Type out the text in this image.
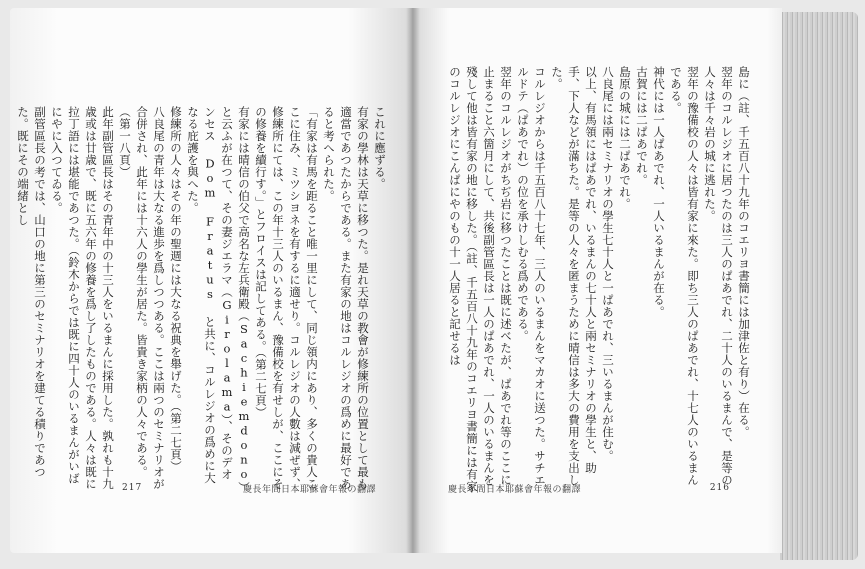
これに應ずる。

有家の學林は天草に移つた。是れ天草の教會が修練所の位置として最も適當であつたからである。また有家の地はコルレジオの爲めに最好であると考へられた。

「有家は有馬を距ること唯一里にして、同じ領内にあり、多くの貴人ここに住み、ミツシヨネを有するに適せり。コルレジオの人數は減ぜず、修練所にては、この年十三人のいるまん、豫備校を有せしが、ここにその修養を續行す。」とフロイスは記してある。（第二七頁）

有家には晴信の伯父で高名な左兵衛殿（Sachiemdono）と云ふが在つて、その妻ジエラマ（Girolama）、そのデオンセス Dom Fratus と共に、コルレジオの爲めに大なる庇護を與へた。

修練所の人々はその年の聖週には大なる祝典を舉げた。（第二七頁）

八良尾の青年は大なる進歩を爲しつつある。ここは兩つのセミナリオが合併され、此年には十六人の學生が居た。皆貴き家柄の人々である。（第一八頁）

此年副管區長はその青年中の十三人をいるまんに採用した。孰れも十九歳或は廿歳で、既に五六年の修養を爲し了したものである。人々は既に拉丁語には堪能であつた。（鈴木からでは既に四十人のいるまんがいばにやに入つてゐる。

副管區長の考では、山口の地に第三のセミナリオを建てる積りであつた。既にその端緒とし

217	慶長年間日本耶蘇會年報の翻譯

島に（註、千五百八十九年のコエリヨ書簡には加津佐と有り）在る。

翌年のコルレジオに居つたのは三人のぱあでれ、二十人のいるまんで、是等の人々は千々岩の城に逃れた。

翌年の豫備校の人々は皆有家に來た。即ち三人のぱあでれ、十七人のいるまんである。

神代には一人ぱあでれ、一人いるまんが在る。

古賀には二ぱあでれ。

島原の城には二ぱあでれ。

八良尾には兩セミナリオの學生七十人と一ぱあでれ、三いるまんが住む。

以上、有馬領にはぱあでれ、いるまんの七十人と兩セミナリオの學生と、助手、下人などが滿ちた。是等の人々を匿まうために晴信は多大の費用を支出した。

コルレジオからは千五百八十七年、三人のいるまんをマカオに送つた。サチエルドテ（ぱあでれ）の位を承けしむる爲めである。

翌年のコルレジオがちぢ岩に移つたことは既に述べたが、ぱあでれ等のここに止まること六箇月にして、共後副管區長は一人のぱあでれ、一人のいるまんを殘して他は皆有家の地に移した。（註、千五百八十九年のコエリヨ書簡には有家のコルレジオにこんぱにやのもの十一人居ると記せるは

216
慶長年間日本耶蘇會年報の翻譯
